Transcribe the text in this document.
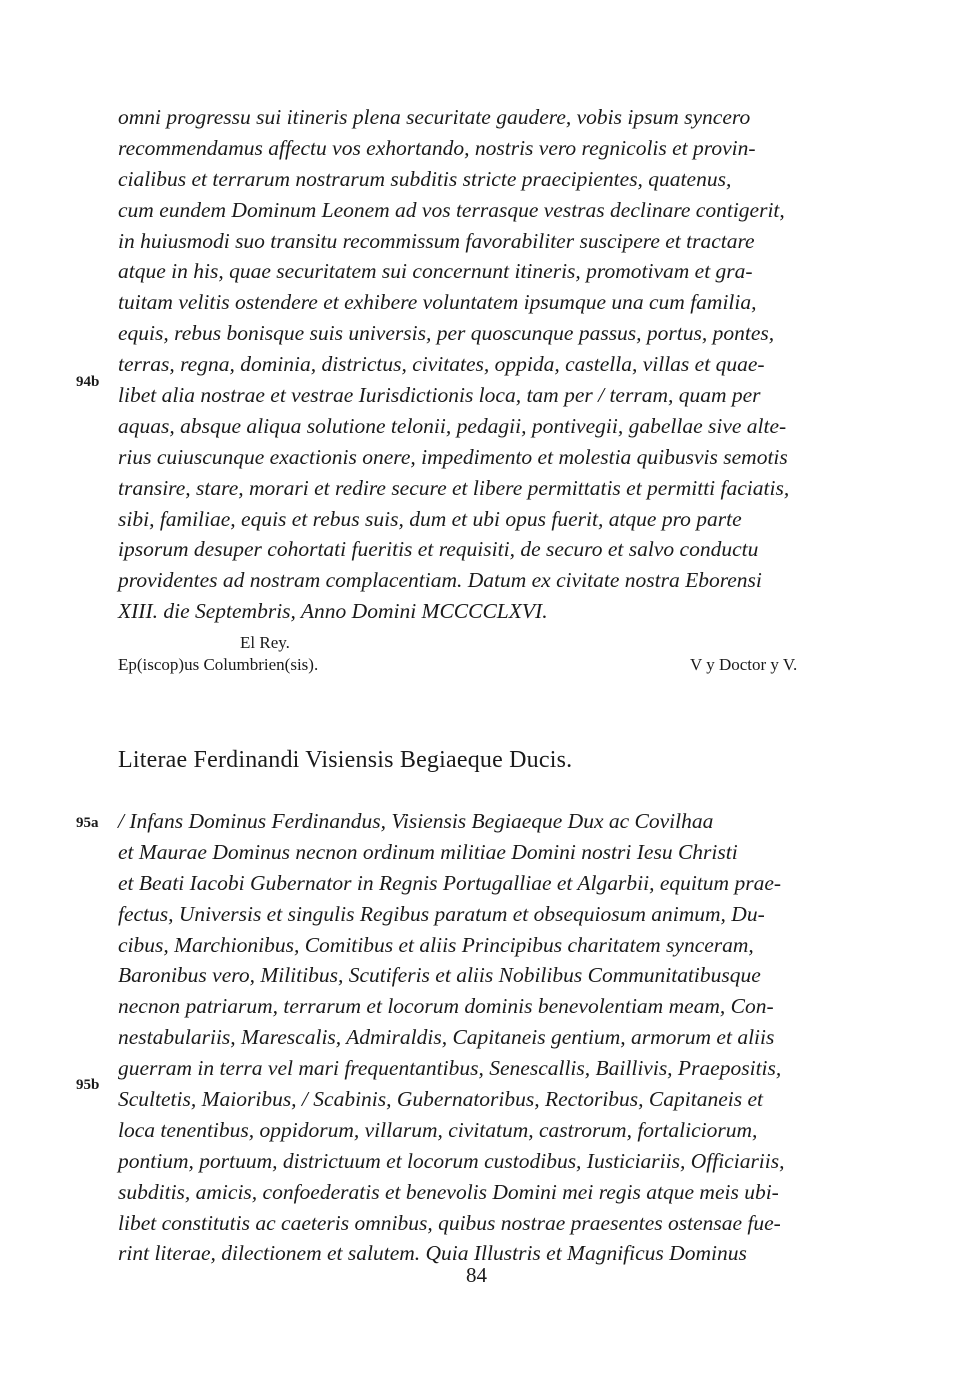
omni progressu sui itineris plena securitate gaudere, vobis ipsum syncero
recommendamus affectu vos exhortando, nostris vero regnicolis et provin-
cialibus et terrarum nostrarum subditis stricte praecipientes, quatenus,
cum eundem Dominum Leonem ad vos terrasque vestras declinare contigerit,
in huiusmodi suo transitu recommissum favorabiliter suscipere et tractare
atque in his, quae securitatem sui concernunt itineris, promotivam et gra-
tuitam velitis ostendere et exhibere voluntatem ipsumque una cum familia,
equis, rebus bonisque suis universis, per quoscunque passus, portus, pontes,
terras, regna, dominia, districtus, civitates, oppida, castella, villas et quae-
libet alia nostrae et vestrae Iurisdictionis loca, tam per / terram, quam per
aquas, absque aliqua solutione telonii, pedagii, pontivegii, gabellae sive alte-
rius cuiuscunque exactionis onere, impedimento et molestia quibusvis semotis
transire, stare, morari et redire secure et libere permittatis et permitti faciatis,
sibi, familiae, equis et rebus suis, dum et ubi opus fuerit, atque pro parte
ipsorum desuper cohortati fueritis et requisiti, de securo et salvo conductu
providentes ad nostram complacentiam. Datum ex civitate nostra Eborensi
XIII. die Septembris, Anno Domini MCCCCLXVI.
94b
El Rey.
Ep(iscop)us Columbrien(sis).	V y Doctor y V.
Literae Ferdinandi Visiensis Begiaeque Ducis.
95a
95b
/ Infans Dominus Ferdinandus, Visiensis Begiaeque Dux ac Covilhaa
et Maurae Dominus necnon ordinum militiae Domini nostri Iesu Christi
et Beati Iacobi Gubernator in Regnis Portugalliae et Algarbii, equitum prae-
fectus, Universis et singulis Regibus paratum et obsequiosum animum, Du-
cibus, Marchionibus, Comitibus et aliis Principibus charitatem synceram,
Baronibus vero, Militibus, Scutiferis et aliis Nobilibus Communitatibusque
necnon patriarum, terrarum et locorum dominis benevolentiam meam, Con-
nestabulariis, Marescalis, Admiraldis, Capitaneis gentium, armorum et aliis
guerram in terra vel mari frequentantibus, Senescallis, Baillivis, Praepositis,
Scultetis, Maioribus, / Scabinis, Gubernatoribus, Rectoribus, Capitaneis et
loca tenentibus, oppidorum, villarum, civitatum, castrorum, fortaliciorum,
pontium, portuum, districtuum et locorum custodibus, Iusticiariis, Officiariis,
subditis, amicis, confoederatis et benevolis Domini mei regis atque meis ubi-
libet constitutis ac caeteris omnibus, quibus nostrae praesentes ostensae fue-
rint literae, dilectionem et salutem. Quia Illustris et Magnificus Dominus
84
